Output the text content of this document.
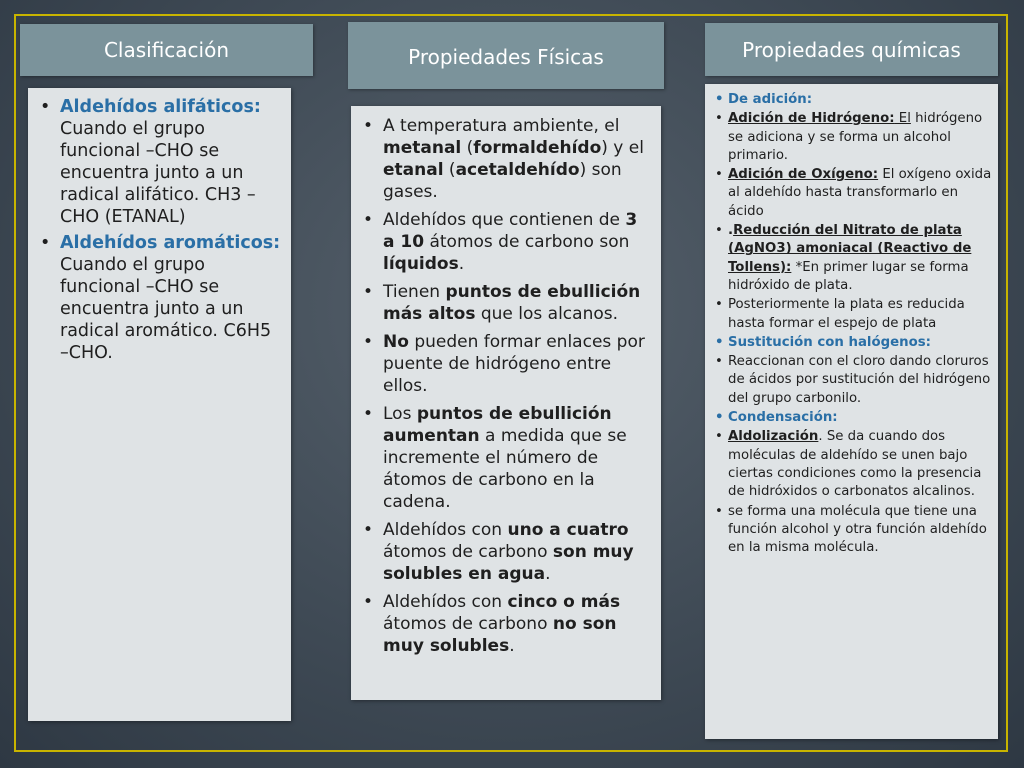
Clasificación	Propiedades Físicas	Propiedades químicas
• Aldehídos alifáticos: Cuando el grupo funcional –CHO se encuentra junto a un radical alifático. CH3 –CHO (ETANAL)
• Aldehídos aromáticos: Cuando el grupo funcional –CHO se encuentra junto a un radical aromático. C6H5 –CHO.
• A temperatura ambiente, el metanal (formaldehído) y el etanal (acetaldehído) son gases.
• Aldehídos que contienen de 3 a 10 átomos de carbono son líquidos.
• Tienen puntos de ebullición más altos que los alcanos.
• No pueden formar enlaces por puente de hidrógeno entre ellos.
• Los puntos de ebullición aumentan a medida que se incremente el número de átomos de carbono en la cadena.
• Aldehídos con uno a cuatro átomos de carbono son muy solubles en agua.
• Aldehídos con cinco o más átomos de carbono no son muy solubles.
• De adición:
• Adición de Hidrógeno: El hidrógeno se adiciona y se forma un alcohol primario.
• Adición de Oxígeno: El oxígeno oxida al aldehído hasta transformarlo en ácido
• .Reducción del Nitrato de plata (AgNO3) amoniacal (Reactivo de Tollens): *En primer lugar se forma hidróxido de plata.
• Posteriormente la plata es reducida hasta formar el espejo de plata
• Sustitución con halógenos:
• Reaccionan con el cloro dando cloruros de ácidos por sustitución del hidrógeno del grupo carbonilo.
• Condensación:
• Aldolización. Se da cuando dos moléculas de aldehído se unen bajo ciertas condiciones como la presencia de hidróxidos o carbonatos alcalinos.
• se forma una molécula que tiene una función alcohol y otra función aldehído en la misma molécula.
